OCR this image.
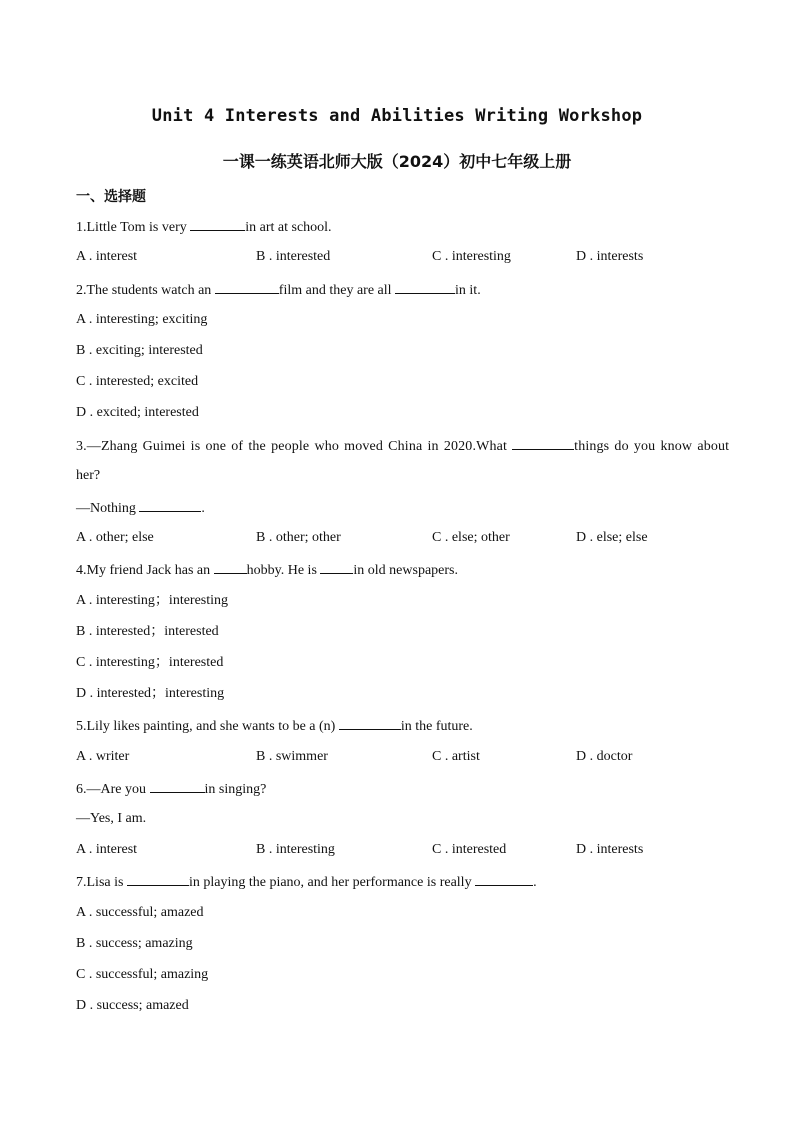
Unit 4 Interests and Abilities Writing Workshop
一课一练英语北师大版（2024）初中七年级上册
一、选择题
1.Little Tom is very	in art at school.
A . interest	B . interested	C . interesting	D . interests
2.The students watch an	film and they are all	in it.
A . interesting; exciting
B . exciting; interested
C . interested; excited
D . excited; interested
3.—Zhang Guimei is one of the people who moved China in 2020.What	things do you know about
her?
—Nothing	.
A . other; else	B . other; other	C . else; other	D . else; else
4.My friend Jack has an hobby. He is in old newspapers.
A . interesting；interesting
B . interested；interested
C . interesting；interested
D . interested；interesting
5.Lily likes painting, and she wants to be a (n)	in the future.
A . writer	B . swimmer	C . artist	D . doctor
6.—Are you	in singing?
—Yes, I am.
A . interest	B . interesting	C . interested	D . interests
7.Lisa is	in playing the piano, and her performance is really	.
A . successful; amazed
B . success; amazing
C . successful; amazing
D . success; amazed
